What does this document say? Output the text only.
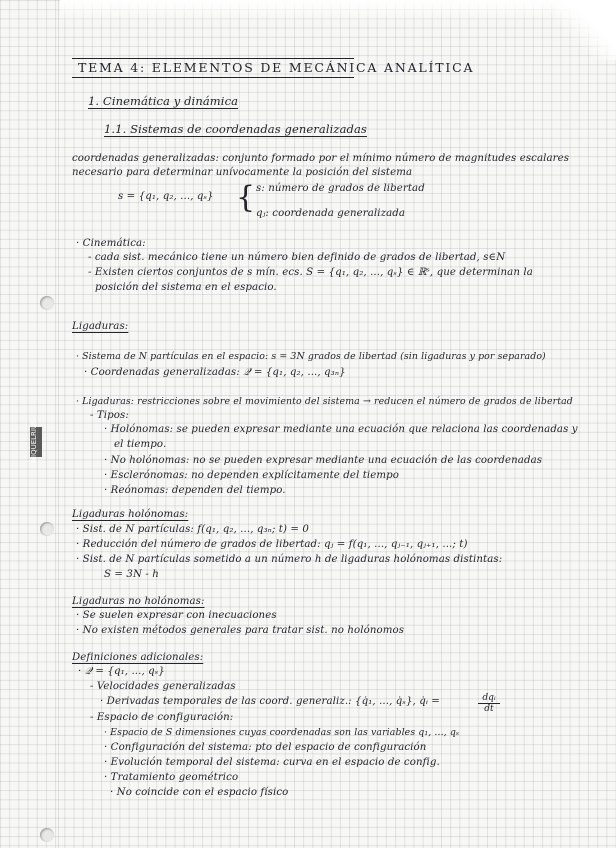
MIQUELRIUS
TEMA 4: ELEMENTOS DE MECÁNICA ANALÍTICA
1. Cinemática y dinámica
1.1. Sistemas de coordenadas generalizadas
coordenadas generalizadas: conjunto formado por el mínimo número de magnitudes escalares
necesario para determinar unívocamente la posición del sistema
s = {q₁, q₂, ..., qₛ} { s: número de grados de libertad
qⱼ: coordenada generalizada
· Cinemática:
- cada sist. mecánico tiene un número bien definido de grados de libertad, s∈N
- Existen ciertos conjuntos de s mín. ecs. S = {q₁, q₂, ..., qₛ} ∈ ℝˢ, que determinan la
posición del sistema en el espacio.
Ligaduras:
· Sistema de N partículas en el espacio: s = 3N grados de libertad (sin ligaduras y por separado)
· Coordenadas generalizadas: 𝒬 = {q₁, q₂, ..., q₃ₙ}
· Ligaduras: restricciones sobre el movimiento del sistema → reducen el número de grados de libertad
- Tipos:
· Holónomas: se pueden expresar mediante una ecuación que relaciona las coordenadas y
el tiempo.
· No holónomas: no se pueden expresar mediante una ecuación de las coordenadas
· Esclerónomas: no dependen explícitamente del tiempo
· Reónomas: dependen del tiempo.
Ligaduras holónomas:
· Sist. de N partículas: f(q₁, q₂, ..., q₃ₙ; t) = 0
· Reducción del número de grados de libertad: qⱼ = f(q₁, ..., qⱼ₋₁, qⱼ₊₁, ...; t)
· Sist. de N partículas sometido a un número h de ligaduras holónomas distintas:
S = 3N - h
Ligaduras no holónomas:
· Se suelen expresar con inecuaciones
· No existen métodos generales para tratar sist. no holónomos
Definiciones adicionales:
· 𝒬 = {q₁, ..., qₛ}
- Velocidades generalizadas
· Derivadas temporales de las coord. generaliz.: {q̇₁, ..., q̇ₛ}, q̇ᵢ =	dqᵢ
dt
- Espacio de configuración:
· Espacio de S dimensiones cuyas coordenadas son las variables q₁, ..., qₛ
· Configuración del sistema: pto del espacio de configuración
· Evolución temporal del sistema: curva en el espacio de config.
· Tratamiento geométrico
· No coincide con el espacio físico
